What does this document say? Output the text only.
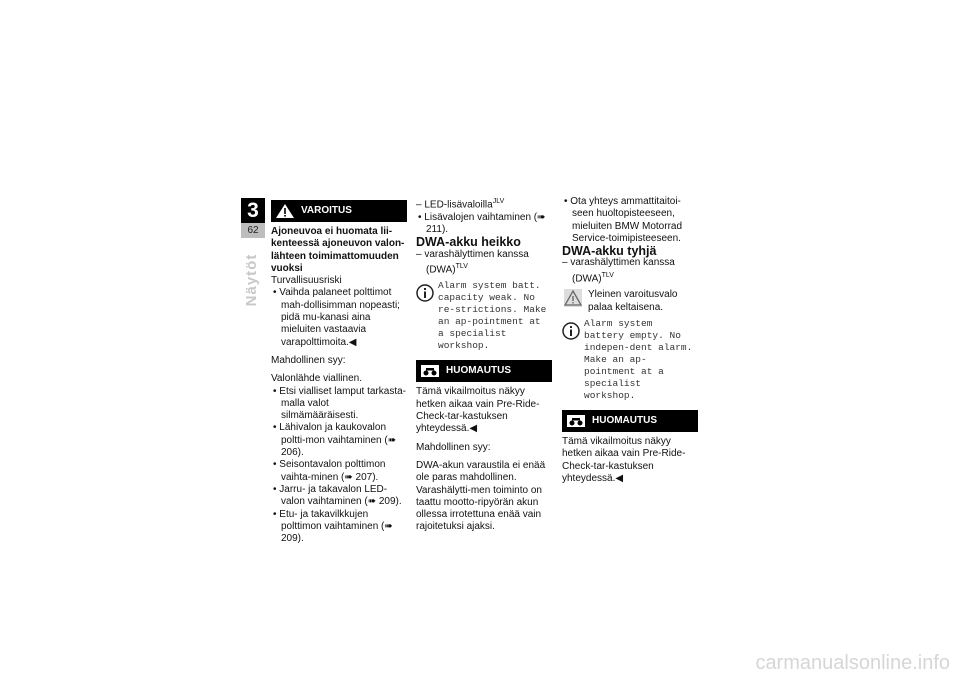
3
62
Näytöt
VAROITUS

Ajoneuvoa ei huomata lii-kenteessä ajoneuvon valon-lähteen toimimattomuuden vuoksi

Turvallisuusriski

• Vaihda palaneet polttimot mah-dollisimman nopeasti; pidä mu-kanasi aina mieluiten vastaavia varapolttimoita.◀

Mahdollinen syy:

Valonlähde viallinen.

• Etsi vialliset lamput tarkasta-malla valot silmämääräisesti.

• Lähivalon ja kaukovalon poltti-mon vaihtaminen (➠ 206).

• Seisontavalon polttimon vaihta-minen (➠ 207).

• Jarru- ja takavalon LED-valon vaihtaminen (➠ 209).

• Etu- ja takavilkkujen polttimon vaihtaminen (➠ 209).

– LED-lisävaloilla$^{JLV}$

• Lisävalojen vaihtaminen (➠ 211).

DWA-akku heikko

– varashälyttimen kanssa (DWA)$^{TLV}$

Alarm system batt. capacity weak. No re-strictions. Make an ap-pointment at a specialist workshop.

HUOMAUTUS

Tämä vikailmoitus näkyy hetken aikaa vain Pre-Ride-Check-tar-kastuksen yhteydessä.◀

Mahdollinen syy:

DWA-akun varaustila ei enää ole paras mahdollinen. Varashälytti-men toiminto on taattu mootto-ripyörän akun ollessa irrotettuna enää vain rajoitetuksi ajaksi.

• Ota yhteys ammattitaitoi-seen huoltopisteeseen, mieluiten BMW Motorrad Service-toimipisteeseen.

DWA-akku tyhjä

– varashälyttimen kanssa (DWA)$^{TLV}$

Yleinen varoitusvalo palaa keltaisena.

Alarm system battery empty. No indepen-dent alarm. Make an ap-pointment at a specialist workshop.

HUOMAUTUS

Tämä vikailmoitus näkyy hetken aikaa vain Pre-Ride-Check-tar-kastuksen yhteydessä.◀

carmanualsonline.info
